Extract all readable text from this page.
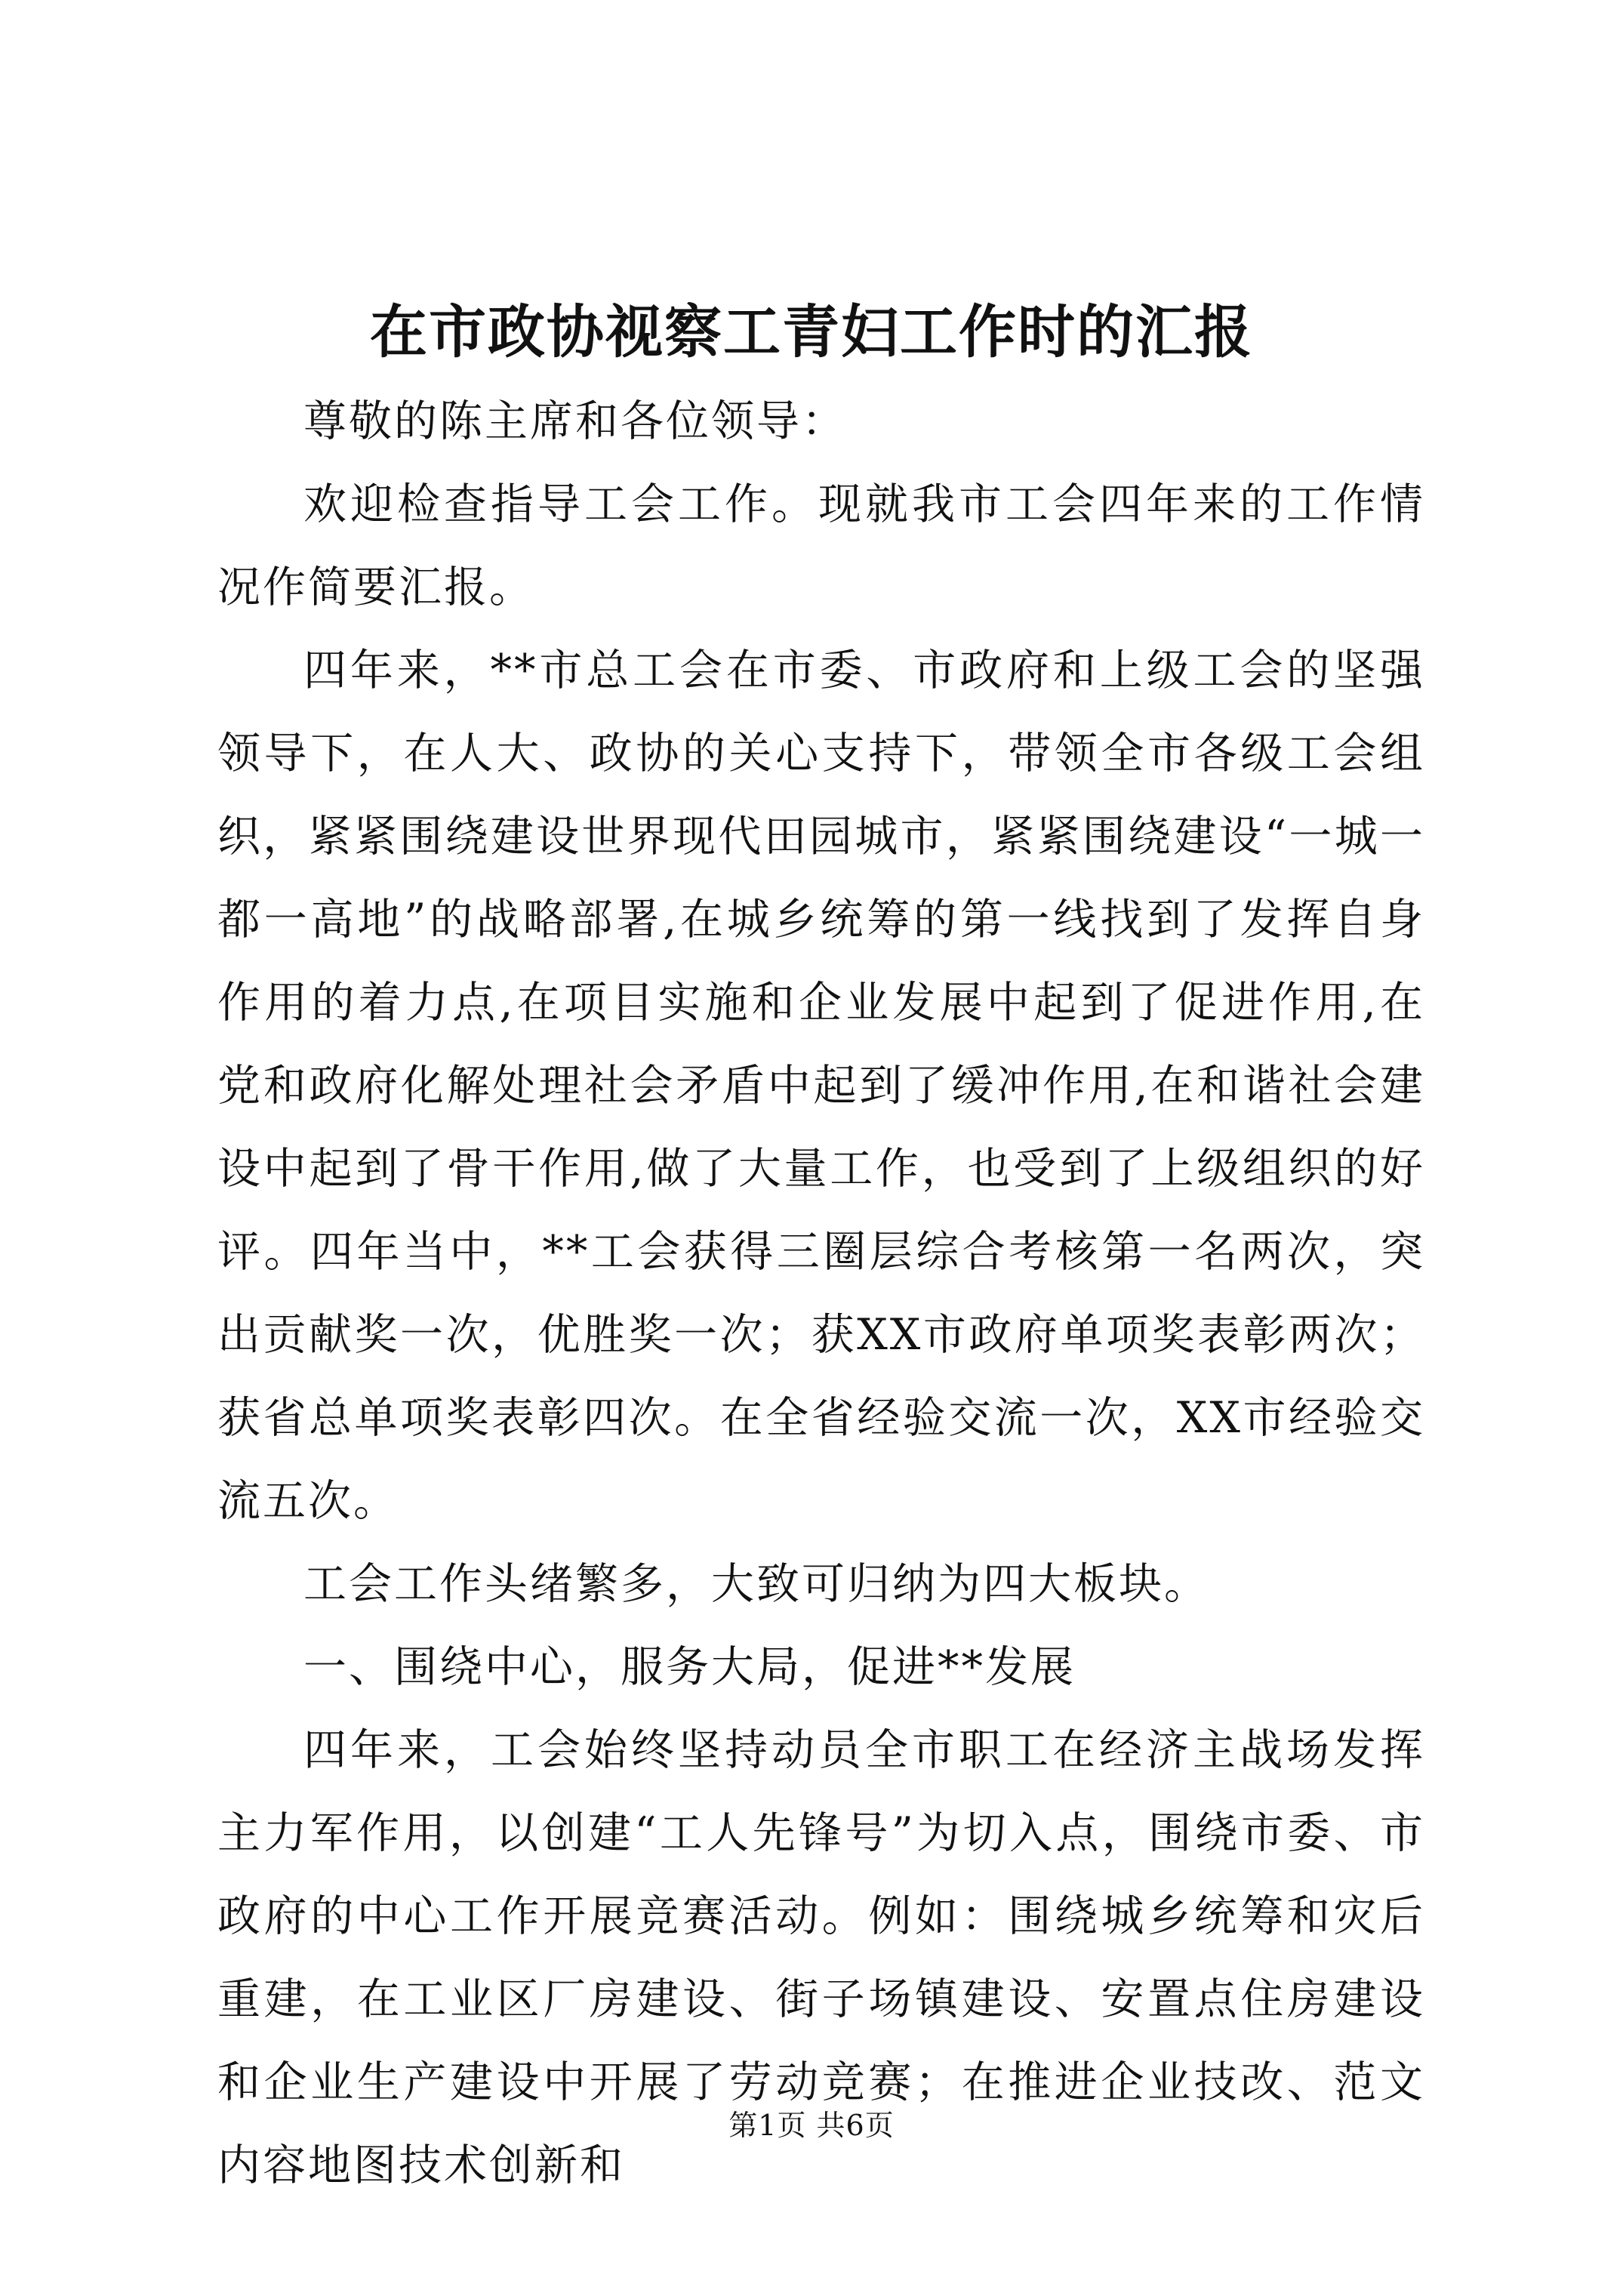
在市政协视察工青妇工作时的汇报

尊敬的陈主席和各位领导：

欢迎检查指导工会工作。现就我市工会四年来的工作情况作简要汇报。

四年来，**市总工会在市委、市政府和上级工会的坚强领导下，在人大、政协的关心支持下，带领全市各级工会组织，紧紧围绕建设世界现代田园城市，紧紧围绕建设“一城一都一高地”的战略部署,在城乡统筹的第一线找到了发挥自身作用的着力点,在项目实施和企业发展中起到了促进作用,在党和政府化解处理社会矛盾中起到了缓冲作用,在和谐社会建设中起到了骨干作用,做了大量工作，也受到了上级组织的好评。四年当中，**工会获得三圈层综合考核第一名两次，突出贡献奖一次，优胜奖一次；获XX市政府单项奖表彰两次；获省总单项奖表彰四次。在全省经验交流一次，XX市经验交流五次。

工会工作头绪繁多，大致可归纳为四大板块。

一、围绕中心，服务大局，促进**发展

四年来，工会始终坚持动员全市职工在经济主战场发挥主力军作用，以创建“工人先锋号”为切入点，围绕市委、市政府的中心工作开展竞赛活动。例如：围绕城乡统筹和灾后重建，在工业区厂房建设、街子场镇建设、安置点住房建设和企业生产建设中开展了劳动竞赛；在推进企业技改、范文内容地图技术创新和

第1页 共6页
